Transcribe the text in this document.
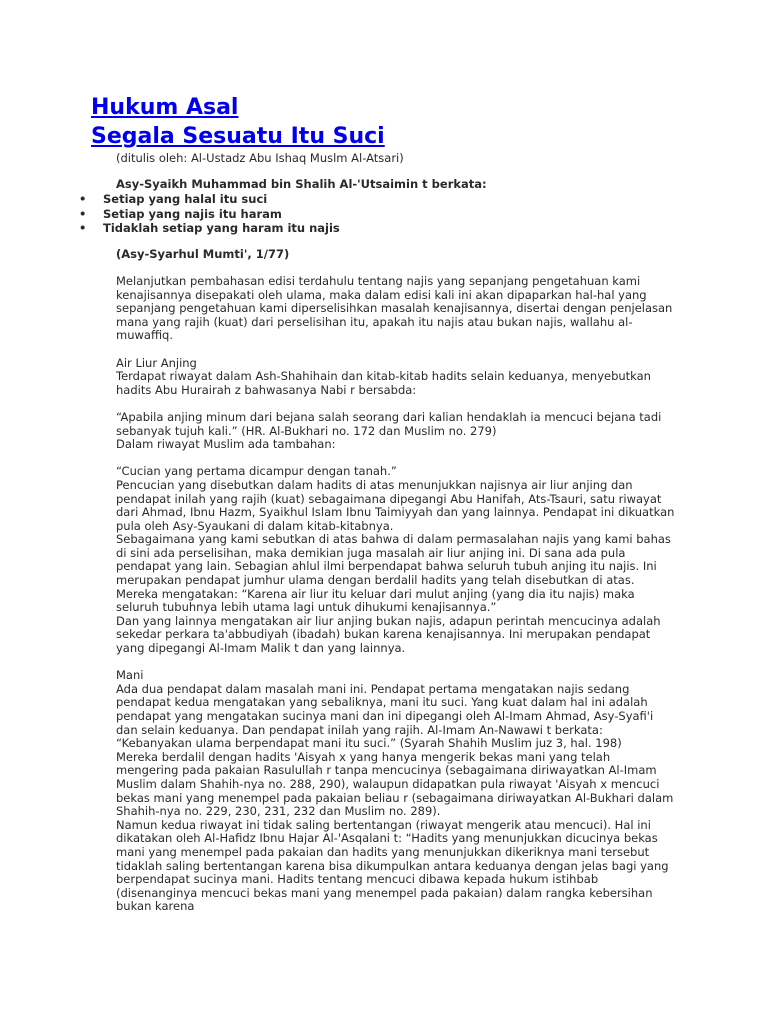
Hukum Asal
Segala Sesuatu Itu Suci
(ditulis oleh: Al-Ustadz Abu Ishaq Muslm Al-Atsari)
Asy-Syaikh Muhammad bin Shalih Al-'Utsaimin t berkata:
• Setiap yang halal itu suci
• Setiap yang najis itu haram
• Tidaklah setiap yang haram itu najis
(Asy-Syarhul Mumti', 1/77)

Melanjutkan pembahasan edisi terdahulu tentang najis yang sepanjang pengetahuan kami kenajisannya disepakati oleh ulama, maka dalam edisi kali ini akan dipaparkan hal-hal yang sepanjang pengetahuan kami diperselisihkan masalah kenajisannya, disertai dengan penjelasan mana yang rajih (kuat) dari perselisihan itu, apakah itu najis atau bukan najis, wallahu al-muwaffiq.

Air Liur Anjing

Terdapat riwayat dalam Ash-Shahihain dan kitab-kitab hadits selain keduanya, menyebutkan hadits Abu Hurairah z bahwasanya Nabi r bersabda:

“Apabila anjing minum dari bejana salah seorang dari kalian hendaklah ia mencuci bejana tadi sebanyak tujuh kali.” (HR. Al-Bukhari no. 172 dan Muslim no. 279)

Dalam riwayat Muslim ada tambahan:

“Cucian yang pertama dicampur dengan tanah.”

Pencucian yang disebutkan dalam hadits di atas menunjukkan najisnya air liur anjing dan pendapat inilah yang rajih (kuat) sebagaimana dipegangi Abu Hanifah, Ats-Tsauri, satu riwayat dari Ahmad, Ibnu Hazm, Syaikhul Islam Ibnu Taimiyyah dan yang lainnya. Pendapat ini dikuatkan pula oleh Asy-Syaukani di dalam kitab-kitabnya.

Sebagaimana yang kami sebutkan di atas bahwa di dalam permasalahan najis yang kami bahas di sini ada perselisihan, maka demikian juga masalah air liur anjing ini. Di sana ada pula pendapat yang lain. Sebagian ahlul ilmi berpendapat bahwa seluruh tubuh anjing itu najis. Ini merupakan pendapat jumhur ulama dengan berdalil hadits yang telah disebutkan di atas. Mereka mengatakan: “Karena air liur itu keluar dari mulut anjing (yang dia itu najis) maka seluruh tubuhnya lebih utama lagi untuk dihukumi kenajisannya.”

Dan yang lainnya mengatakan air liur anjing bukan najis, adapun perintah mencucinya adalah sekedar perkara ta'abbudiyah (ibadah) bukan karena kenajisannya. Ini merupakan pendapat yang dipegangi Al-Imam Malik t dan yang lainnya.

Mani

Ada dua pendapat dalam masalah mani ini. Pendapat pertama mengatakan najis sedang pendapat kedua mengatakan yang sebaliknya, mani itu suci. Yang kuat dalam hal ini adalah pendapat yang mengatakan sucinya mani dan ini dipegangi oleh Al-Imam Ahmad, Asy-Syafi'i dan selain keduanya. Dan pendapat inilah yang rajih. Al-Imam An-Nawawi t berkata: “Kebanyakan ulama berpendapat mani itu suci.” (Syarah Shahih Muslim juz 3, hal. 198)

Mereka berdalil dengan hadits 'Aisyah x yang hanya mengerik bekas mani yang telah mengering pada pakaian Rasulullah r tanpa mencucinya (sebagaimana diriwayatkan Al-Imam Muslim dalam Shahih-nya no. 288, 290), walaupun didapatkan pula riwayat 'Aisyah x mencuci bekas mani yang menempel pada pakaian beliau r (sebagaimana diriwayatkan Al-Bukhari dalam Shahih-nya no. 229, 230, 231, 232 dan Muslim no. 289).

Namun kedua riwayat ini tidak saling bertentangan (riwayat mengerik atau mencuci). Hal ini dikatakan oleh Al-Hafidz Ibnu Hajar Al-'Asqalani t: “Hadits yang menunjukkan dicucinya bekas mani yang menempel pada pakaian dan hadits yang menunjukkan dikeriknya mani tersebut tidaklah saling bertentangan karena bisa dikumpulkan antara keduanya dengan jelas bagi yang berpendapat sucinya mani. Hadits tentang mencuci dibawa kepada hukum istihbab (disenanginya mencuci bekas mani yang menempel pada pakaian) dalam rangka kebersihan bukan karena
